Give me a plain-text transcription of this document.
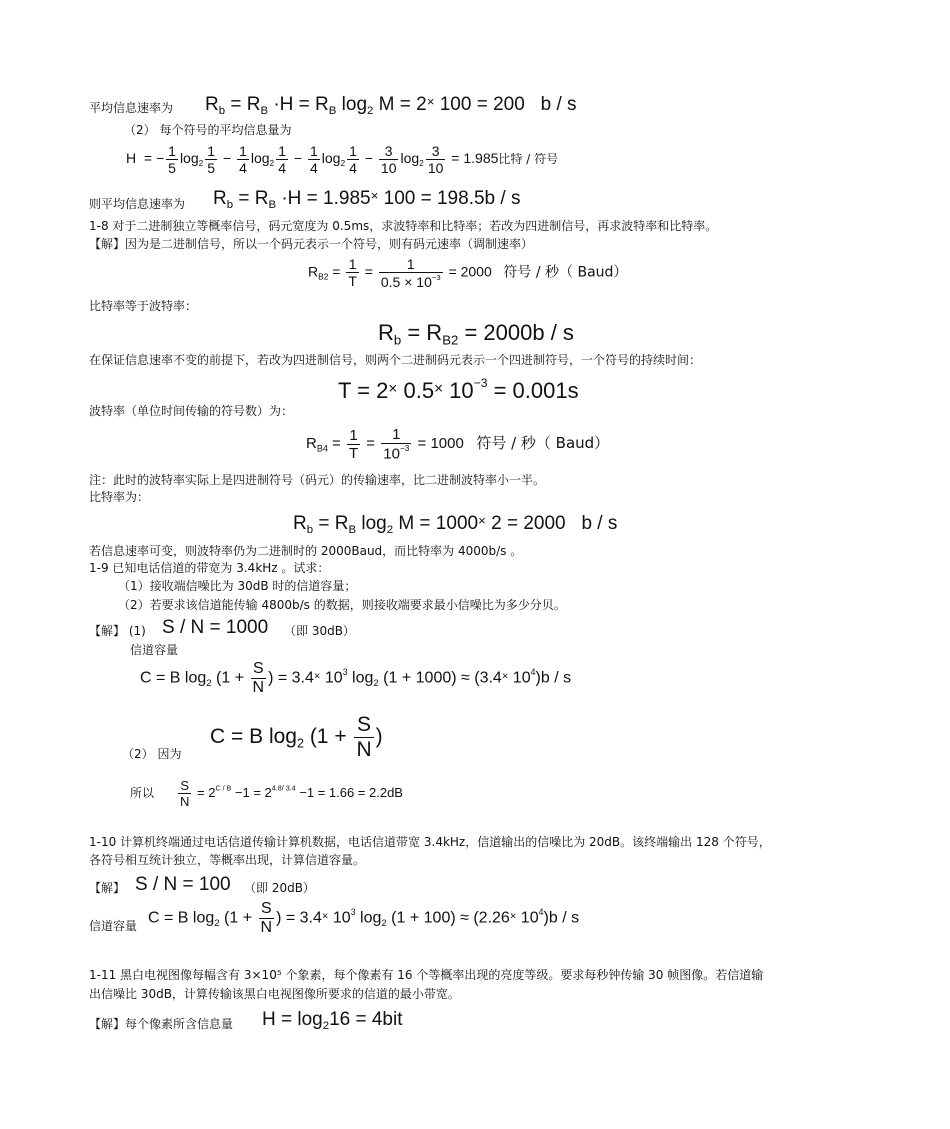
平均信息速率为 $R_b = R_B \cdot H = R_B$ $\log_2 M = 2^\times$ 100 = 200   b / s
（2） 每个符号的平均信息量为
H  = − $\frac{1}{5} \log_2 \frac{1}{5} - \frac{1}{4} \log_2 \frac{1}{4} - \frac{1}{4} \log_2 \frac{1}{4} - \frac{3}{10} \log_2 \frac{3}{10} = 1.985$比特 / 符号
则平均信息速率为 $R_b = R_B \cdot H = 1.985^\times$ 100 = 198.5b / s
1-8 对于二进制独立等概率信号，码元宽度为 0.5ms，求波特率和比特率；若改为四进制信号，再求波特率和比特率。
【解】因为是二进制信号，所以一个码元表示一个符号，则有码元速率（调制速率）
$R_{B2} = \frac{1}{T} = \frac{1}{0.5 \times 10^{-3}} = 2000$   符号 / 秒（ Baud）
比特率等于波特率：
$R_b = R_{B2} = 2000b / s$
在保证信息速率不变的前提下，若改为四进制信号，则两个二进制码元表示一个四进制符号，一个符号的持续时间：
T = 2× 0.5× $10^{-3} = 0.001s$
波特率（单位时间传输的符号数）为：
$R_{B4} = \frac{1}{T} = \frac{1}{10^{-3}} = 1000$   符号 / 秒（ Baud）
注：此时的波特率实际上是四进制符号（码元）的传输速率，比二进制波特率小一半。
比特率为：
$R_b = R_B$ $\log_2 M = 1000^\times$ 2 = 2000   b / s
若信息速率可变，则波特率仍为二进制时的 2000Baud，而比特率为 4000b/s 。
1-9 已知电话信道的带宽为 3.4kHz 。试求：
（1）接收端信噪比为 30dB 时的信道容量；
（2）若要求该信道能传输 4800b/s 的数据，则接收端要求最小信噪比为多少分贝。
【解】 (1) S / N = 1000 （即 30dB）
信道容量
C = B $\log_2 (1 + \frac{S}{N}$ ) = 3.4× $10^3$ $\log_2 (1 + 1000) \approx (3.4^\times$ $10^4)b$ / s
（2） 因为
C = B $\log_2 (1 + \frac{S}{N}$ )
所以 $\frac{S}{N} = 2^{C / B} -1 = 2^{4.8/ 3.4} -1 = 1.66 = 2.2dB$
1-10 计算机终端通过电话信道传输计算机数据，电话信道带宽 3.4kHz，信道输出的信噪比为 20dB。该终端输出 128 个符号，
各符号相互统计独立，等概率出现，计算信道容量。
【解】 S / N = 100 （即 20dB）
信道容量 C = B $\log_2 (1 + \frac{S}{N}$ ) = 3.4× $10^3$ $\log_2 (1 + 100) \approx (2.26^\times$ $10^4)b$ / s
1-11 黑白电视图像每幅含有 3×10⁵ 个象素，每个像素有 16 个等概率出现的亮度等级。要求每秒钟传输 30 帧图像。若信道输
出信噪比 30dB，计算传输该黑白电视图像所要求的信道的最小带宽。
【解】每个像素所含信息量 $H = \log_216 = 4bit$
